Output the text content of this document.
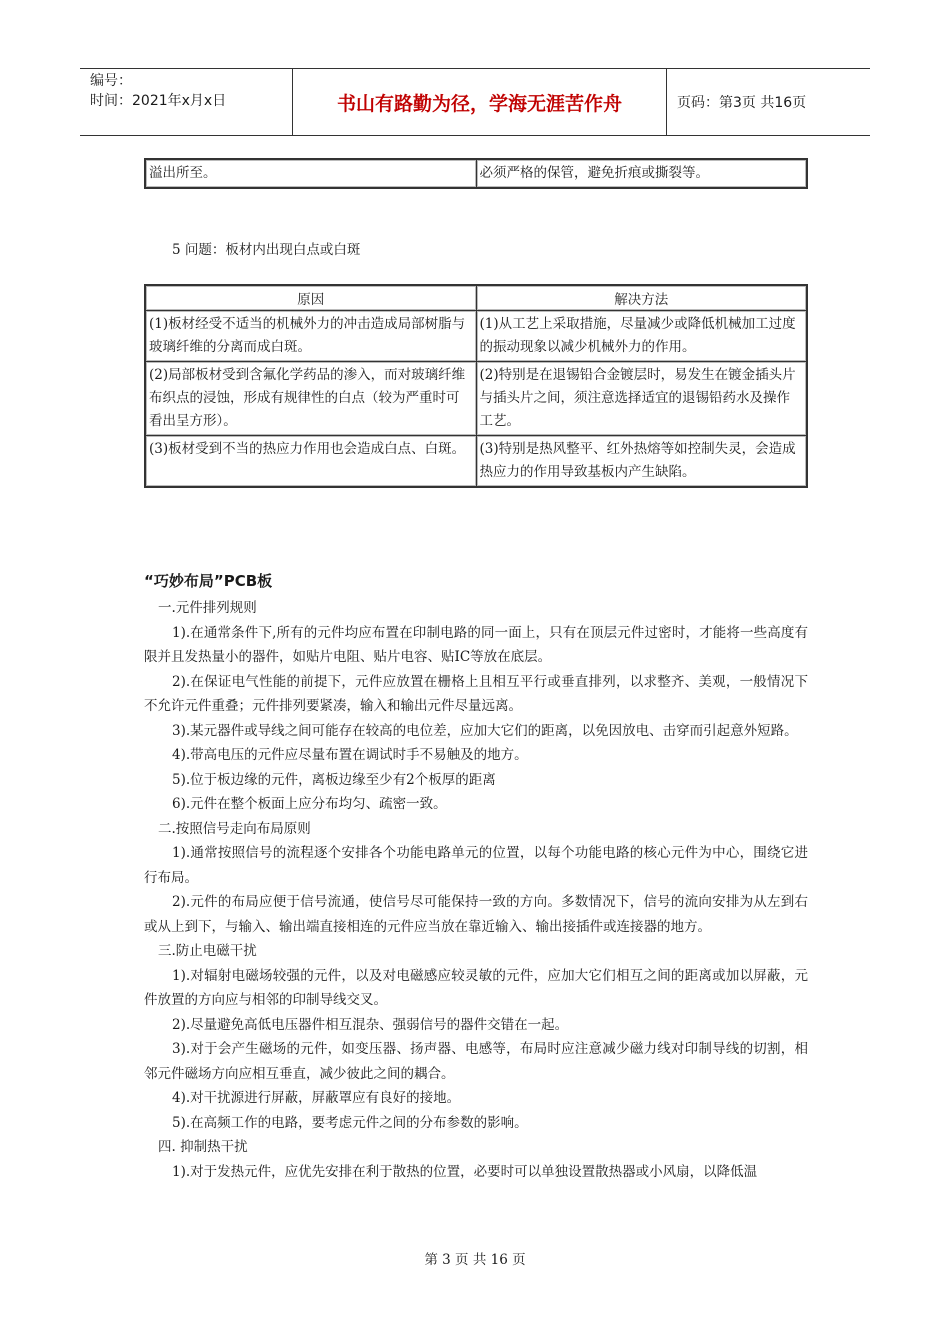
编号：
时间：2021年x月x日	书山有路勤为径，学海无涯苦作舟	页码：第3页 共16页
溢出所至。	必须严格的保管，避免折痕或撕裂等。
5 问题：板材内出现白点或白斑
原因	解决方法
(1)板材经受不适当的机械外力的冲击造成局部树脂与玻璃纤维的分离而成白斑。	(1)从工艺上采取措施，尽量减少或降低机械加工过度的振动现象以减少机械外力的作用。
(2)局部板材受到含氟化学药品的渗入，而对玻璃纤维布织点的浸蚀，形成有规律性的白点（较为严重时可看出呈方形）。	(2)特别是在退锡铅合金镀层时，易发生在镀金插头片与插头片之间，须注意选择适宜的退锡铅药水及操作工艺。
(3)板材受到不当的热应力作用也会造成白点、白斑。	(3)特别是热风整平、红外热熔等如控制失灵，会造成热应力的作用导致基板内产生缺陷。
“巧妙布局”PCB板
一.元件排列规则

1).在通常条件下,所有的元件均应布置在印制电路的同一面上，只有在顶层元件过密时，才能将一些高度有限并且发热量小的器件，如贴片电阻、贴片电容、贴IC等放在底层。

2).在保证电气性能的前提下，元件应放置在栅格上且相互平行或垂直排列，以求整齐、美观，一般情况下不允许元件重叠；元件排列要紧凑，输入和输出元件尽量远离。

3).某元器件或导线之间可能存在较高的电位差，应加大它们的距离，以免因放电、击穿而引起意外短路。

4).带高电压的元件应尽量布置在调试时手不易触及的地方。

5).位于板边缘的元件，离板边缘至少有2个板厚的距离

6).元件在整个板面上应分布均匀、疏密一致。

二.按照信号走向布局原则

1).通常按照信号的流程逐个安排各个功能电路单元的位置，以每个功能电路的核心元件为中心，围绕它进行布局。

2).元件的布局应便于信号流通，使信号尽可能保持一致的方向。多数情况下，信号的流向安排为从左到右或从上到下，与输入、输出端直接相连的元件应当放在靠近输入、输出接插件或连接器的地方。

三.防止电磁干扰

1).对辐射电磁场较强的元件，以及对电磁感应较灵敏的元件，应加大它们相互之间的距离或加以屏蔽，元件放置的方向应与相邻的印制导线交叉。

2).尽量避免高低电压器件相互混杂、强弱信号的器件交错在一起。

3).对于会产生磁场的元件，如变压器、扬声器、电感等，布局时应注意减少磁力线对印制导线的切割，相邻元件磁场方向应相互垂直，减少彼此之间的耦合。

4).对干扰源进行屏蔽，屏蔽罩应有良好的接地。

5).在高频工作的电路，要考虑元件之间的分布参数的影响。

四. 抑制热干扰

1).对于发热元件，应优先安排在利于散热的位置，必要时可以单独设置散热器或小风扇，以降低温

第 3 页 共 16 页
